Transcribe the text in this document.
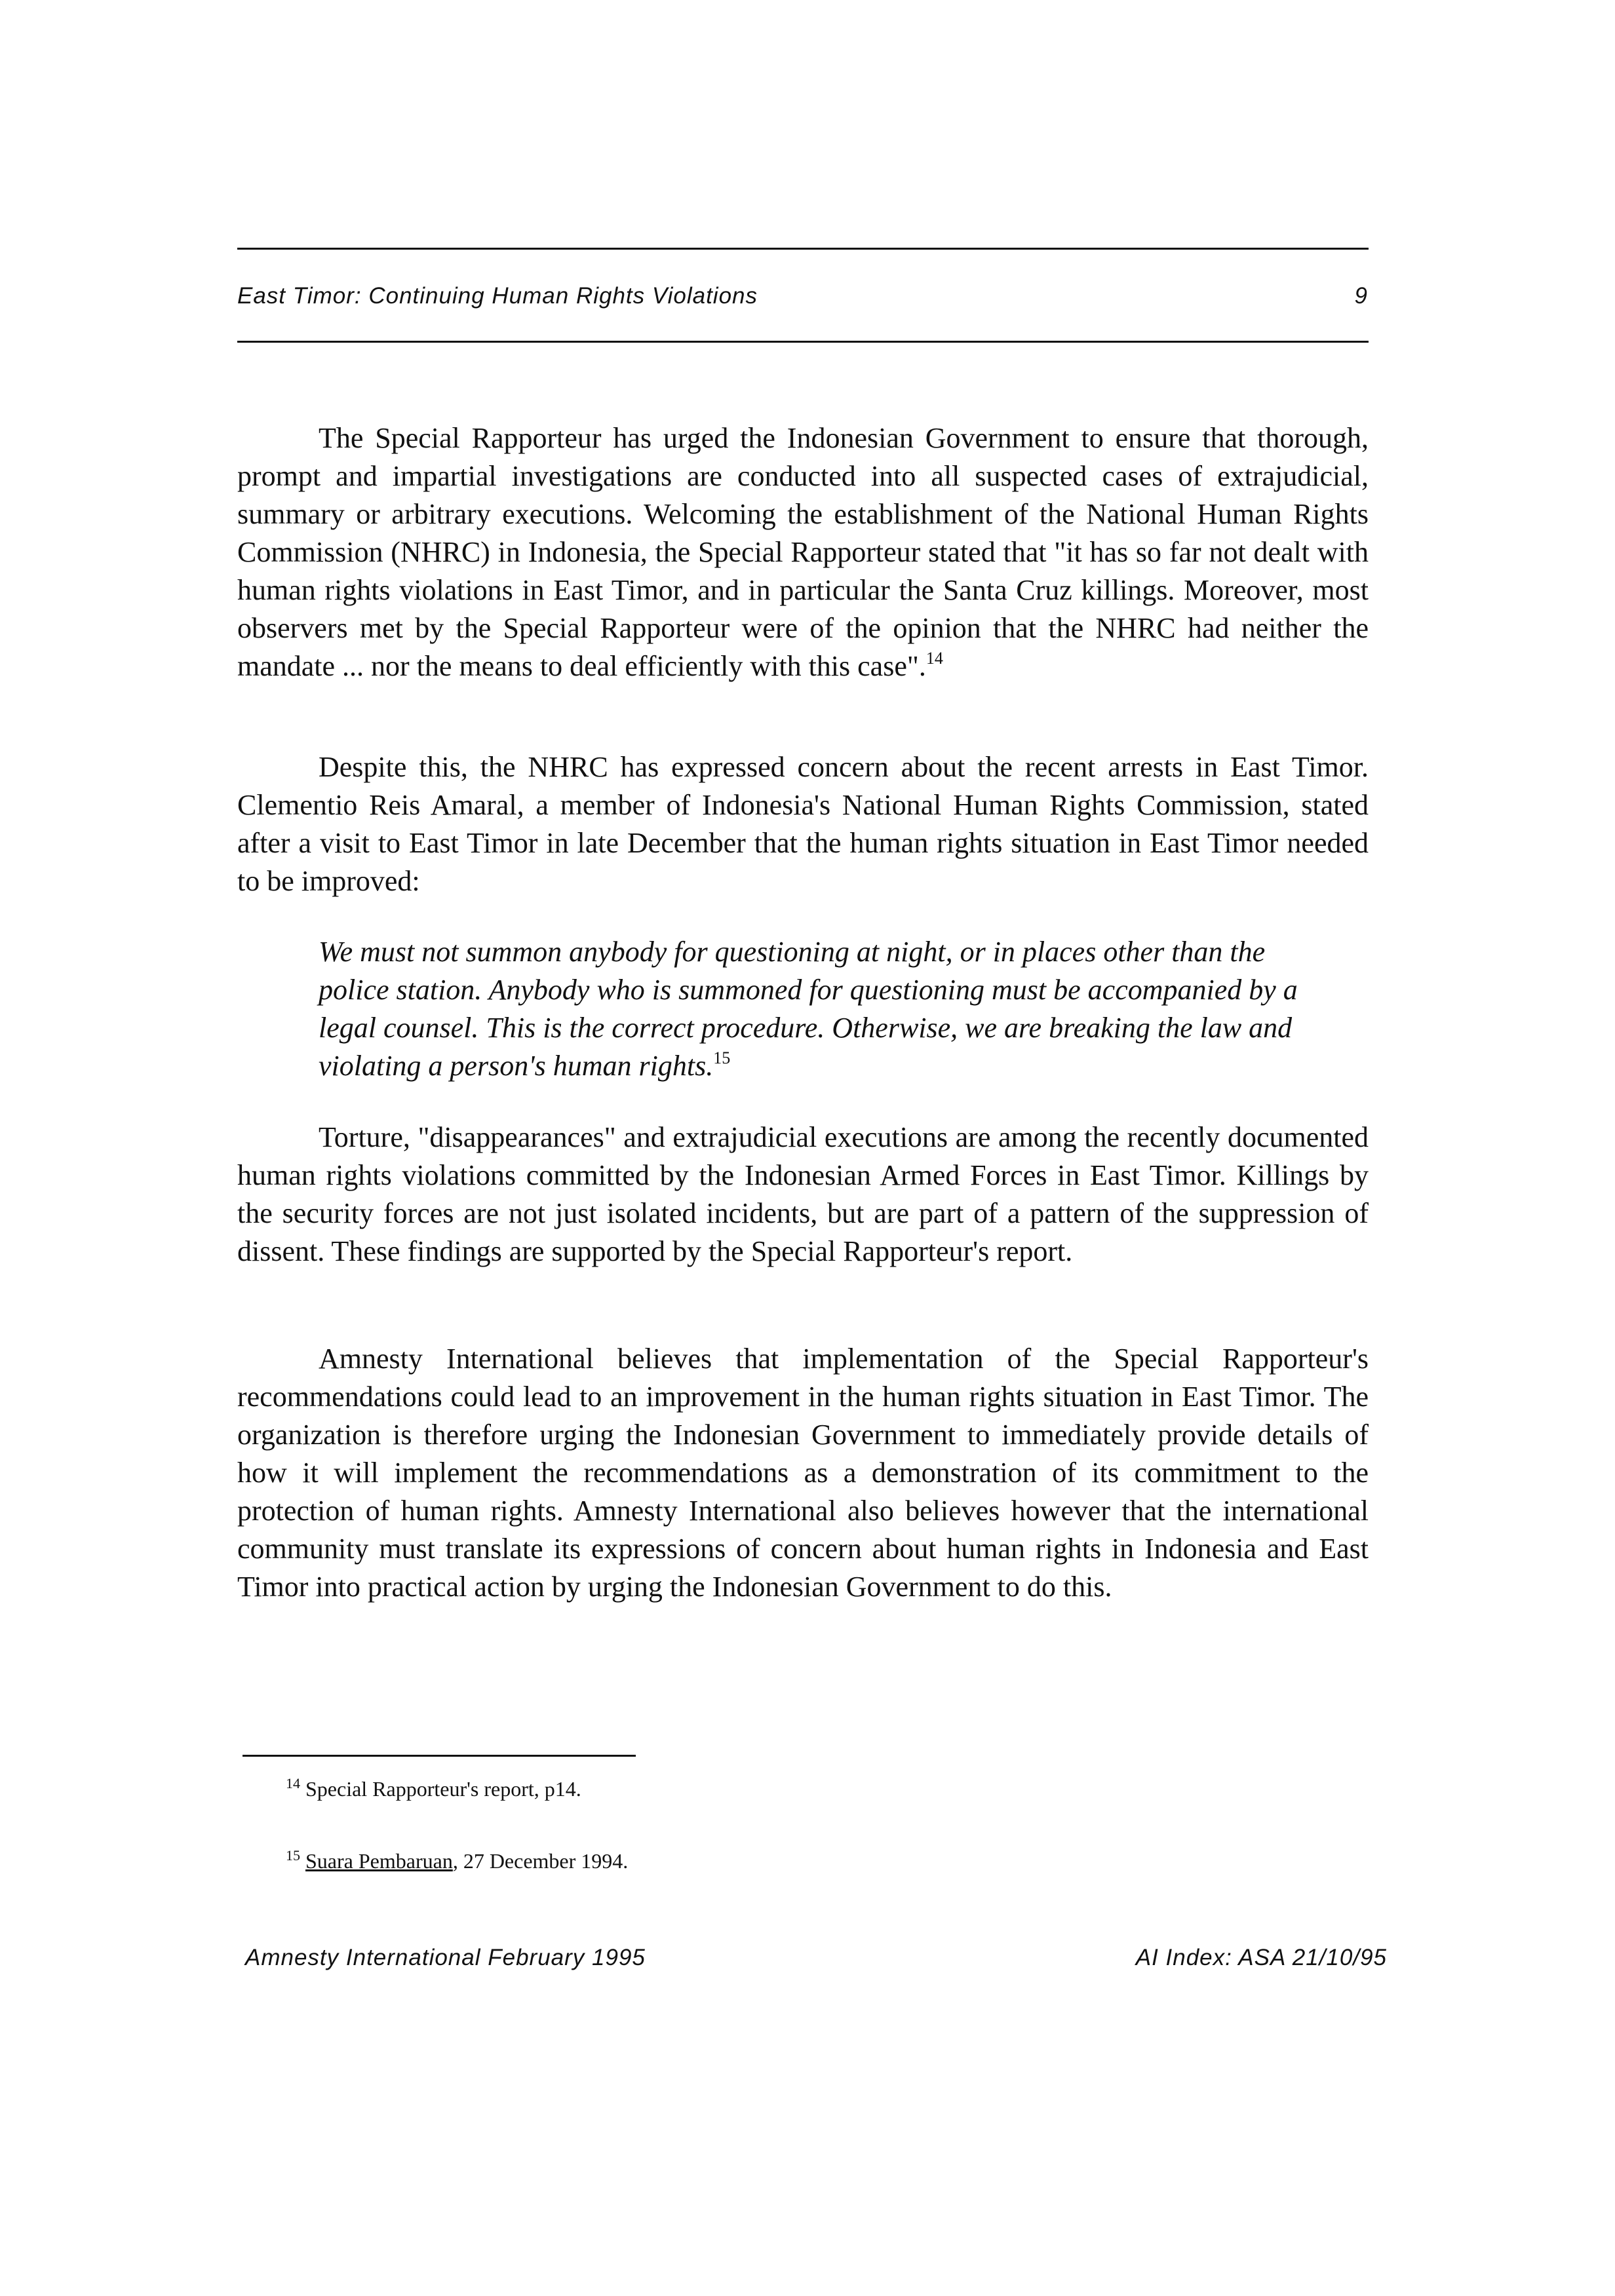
East Timor: Continuing Human Rights Violations	9

The Special Rapporteur has urged the Indonesian Government to ensure that thorough, prompt and impartial investigations are conducted into all suspected cases of extrajudicial, summary or arbitrary executions. Welcoming the establishment of the National Human Rights Commission (NHRC) in Indonesia, the Special Rapporteur stated that "it has so far not dealt with human rights violations in East Timor, and in particular the Santa Cruz killings. Moreover, most observers met by the Special Rapporteur were of the opinion that the NHRC had neither the mandate ... nor the means to deal efficiently with this case".$^{14}$

Despite this, the NHRC has expressed concern about the recent arrests in East Timor. Clementio Reis Amaral, a member of Indonesia's National Human Rights Commission, stated after a visit to East Timor in late December that the human rights situation in East Timor needed to be improved:

We must not summon anybody for questioning at night, or in places other than the police station. Anybody who is summoned for questioning must be accompanied by a legal counsel. This is the correct procedure. Otherwise, we are breaking the law and violating a person's human rights.$^{15}$

Torture, "disappearances" and extrajudicial executions are among the recently documented human rights violations committed by the Indonesian Armed Forces in East Timor. Killings by the security forces are not just isolated incidents, but are part of a pattern of the suppression of dissent. These findings are supported by the Special Rapporteur's report.

Amnesty International believes that implementation of the Special Rapporteur's recommendations could lead to an improvement in the human rights situation in East Timor. The organization is therefore urging the Indonesian Government to immediately provide details of how it will implement the recommendations as a demonstration of its commitment to the protection of human rights. Amnesty International also believes however that the international community must translate its expressions of concern about human rights in Indonesia and East Timor into practical action by urging the Indonesian Government to do this.

$^{14}$ Special Rapporteur's report, p14.

$^{15}$ Suara Pembaruan, 27 December 1994.

Amnesty International February 1995	AI Index: ASA 21/10/95
